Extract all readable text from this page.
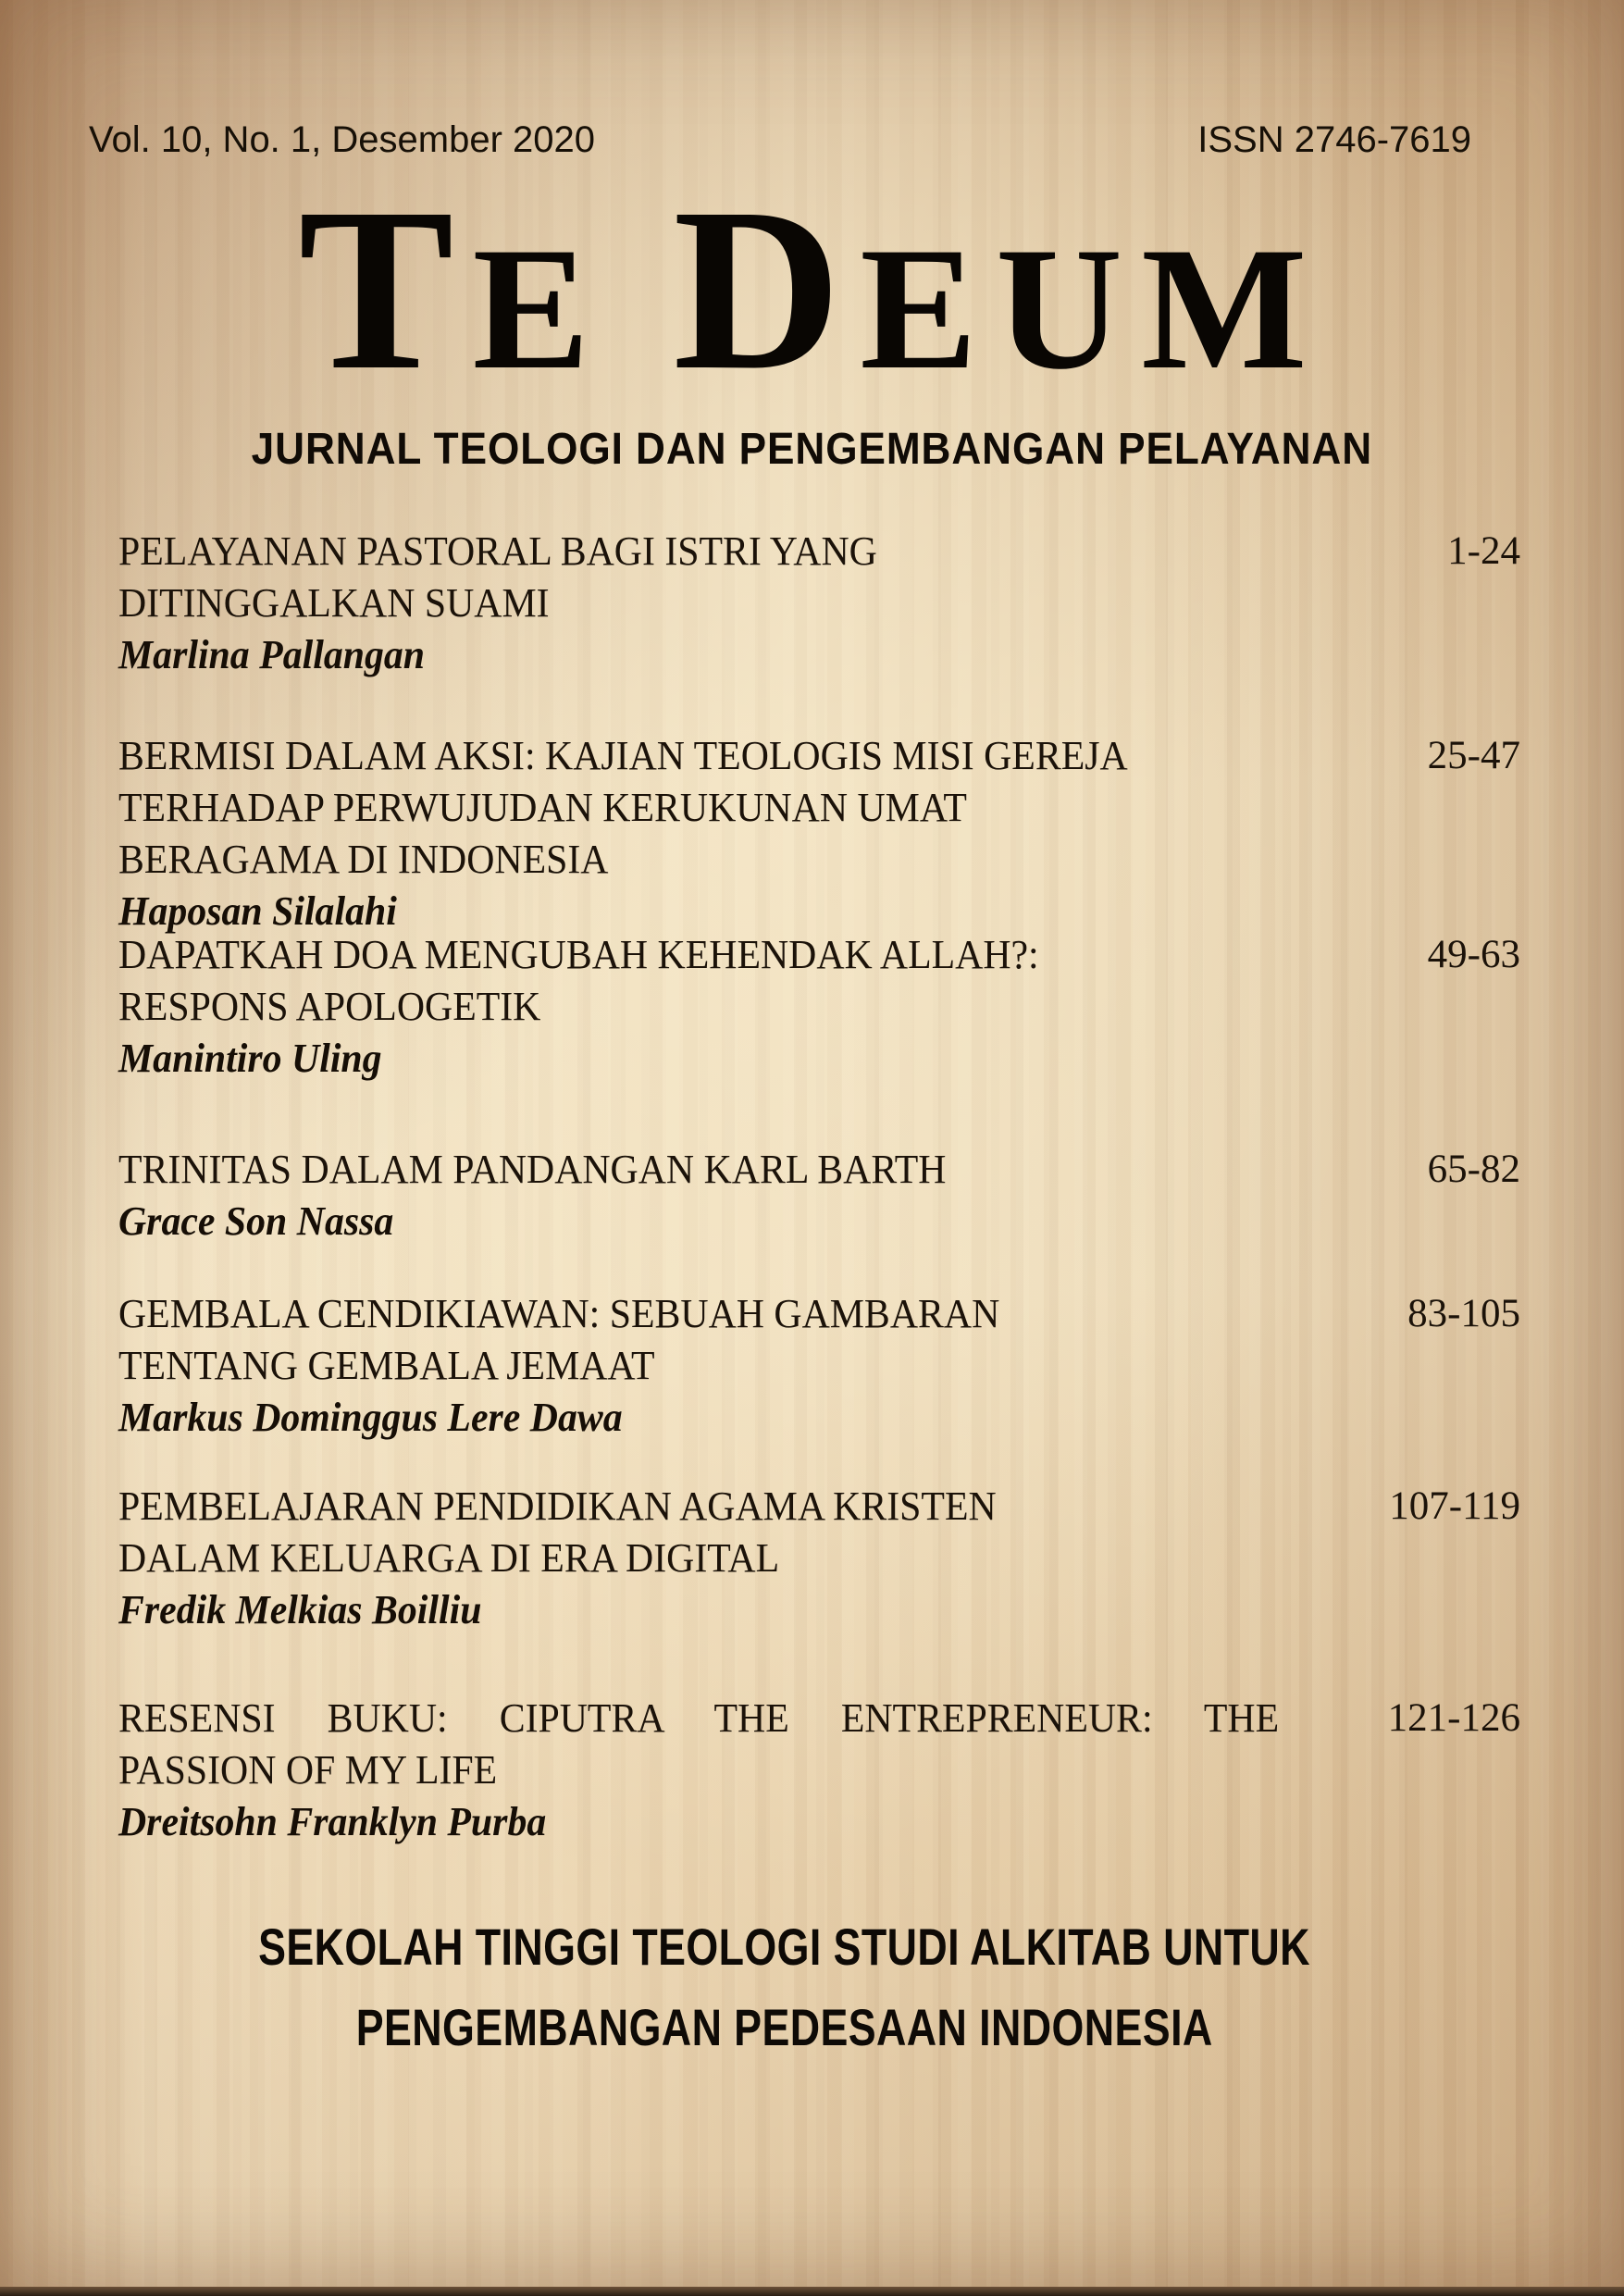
Vol. 10, No. 1, Desember 2020	ISSN 2746-7619
TE DEUM
JURNAL TEOLOGI DAN PENGEMBANGAN PELAYANAN
PELAYANAN PASTORAL BAGI ISTRI YANG
DITINGGALKAN SUAMI
Marlina Pallangan
1-24
BERMISI DALAM AKSI: KAJIAN TEOLOGIS MISI GEREJA
TERHADAP PERWUJUDAN KERUKUNAN UMAT
BERAGAMA DI INDONESIA
Haposan Silalahi
25-47
DAPATKAH DOA MENGUBAH KEHENDAK ALLAH?:
RESPONS APOLOGETIK
Manintiro Uling
49-63
TRINITAS DALAM PANDANGAN KARL BARTH
Grace Son Nassa
65-82
GEMBALA CENDIKIAWAN: SEBUAH GAMBARAN
TENTANG GEMBALA JEMAAT
Markus Dominggus Lere Dawa
83-105
PEMBELAJARAN PENDIDIKAN AGAMA KRISTEN
DALAM KELUARGA DI ERA DIGITAL
Fredik Melkias Boilliu
107-119
RESENSI BUKU: CIPUTRA THE ENTREPRENEUR: THE
PASSION OF MY LIFE
Dreitsohn Franklyn Purba
121-126
SEKOLAH TINGGI TEOLOGI STUDI ALKITAB UNTUK
PENGEMBANGAN PEDESAAN INDONESIA
